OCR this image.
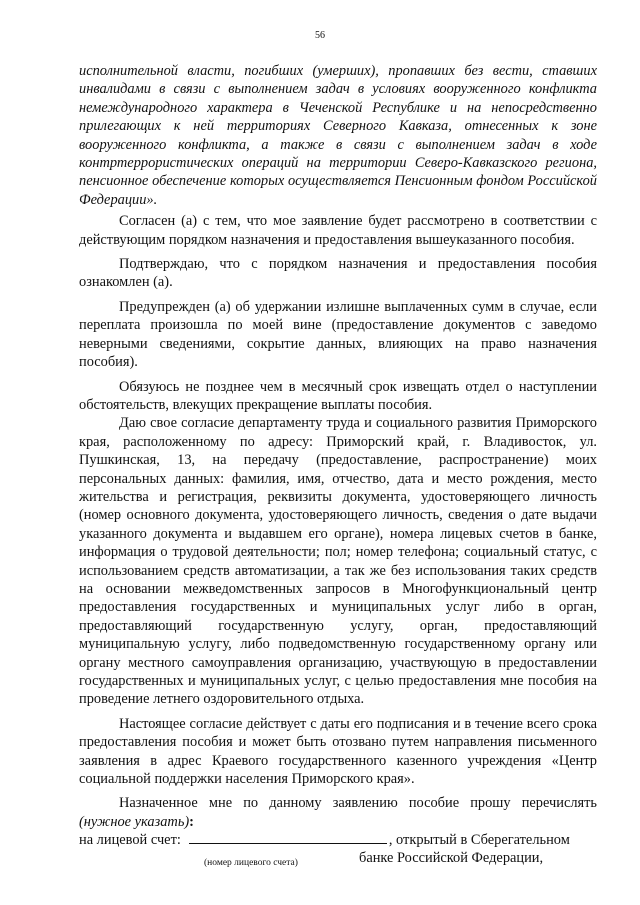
56

исполнительной власти, погибших (умерших), пропавших без вести, ставших инвалидами в связи с выполнением задач в условиях вооруженного конфликта немеждународного характера в Чеченской Республике и на непосредственно прилегающих к ней территориях Северного Кавказа, отнесенных к зоне вооруженного конфликта, а также в связи с выполнением задач в ходе контртеррористических операций на территории Северо-Кавказского региона, пенсионное обеспечение которых осуществляется Пенсионным фондом Российской Федерации».

Согласен (а) с тем, что мое заявление будет рассмотрено в соответствии с действующим порядком назначения и предоставления вышеуказанного пособия.

Подтверждаю, что с порядком назначения и предоставления пособия ознакомлен (а).

Предупрежден (а) об удержании излишне выплаченных сумм в случае, если переплата произошла по моей вине (предоставление документов с заведомо неверными сведениями, сокрытие данных, влияющих на право назначения пособия).

Обязуюсь не позднее чем в месячный срок извещать отдел о наступлении обстоятельств, влекущих прекращение выплаты пособия.

Даю свое согласие департаменту труда и социального развития Приморского края, расположенному по адресу: Приморский край, г. Владивосток, ул. Пушкинская, 13, на передачу (предоставление, распространение) моих персональных данных: фамилия, имя, отчество, дата и место рождения, место жительства и регистрация, реквизиты документа, удостоверяющего личность (номер основного документа, удостоверяющего личность, сведения о дате выдачи указанного документа и выдавшем его органе), номера лицевых счетов в банке, информация о трудовой деятельности; пол; номер телефона; социальный статус, с использованием средств автоматизации, а так же без использования таких средств на основании межведомственных запросов в Многофункциональный центр предоставления государственных и муниципальных услуг либо в орган, предоставляющий государственную услугу, орган, предоставляющий муниципальную услугу, либо подведомственную государственному органу или органу местного самоуправления организацию, участвующую в предоставлении государственных и муниципальных услуг, с целью предоставления мне пособия на проведение летнего оздоровительного отдыха.

Настоящее согласие действует с даты его подписания и в течение всего срока предоставления пособия и может быть отозвано путем направления письменного заявления в адрес Краевого государственного казенного учреждения «Центр социальной поддержки населения Приморского края».

Назначенное мне по данному заявлению пособие прошу перечислять (нужное указать):

на лицевой счет:	, открытый в Сберегательном

(номер лицевого счета)	банке Российской Федерации,
